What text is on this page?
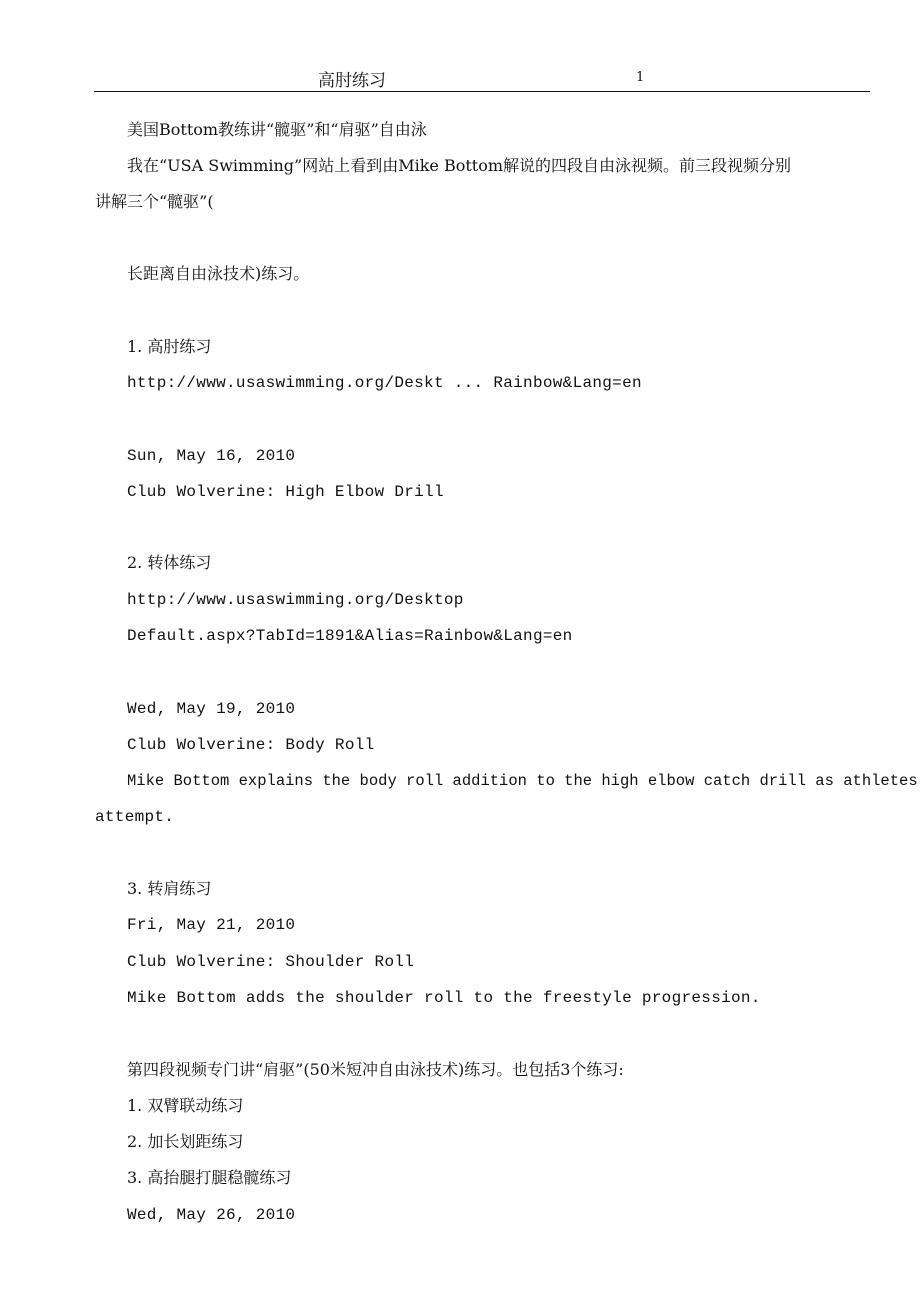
高肘练习	1
美国Bottom教练讲“髋驱”和“肩驱”自由泳
我在“USA Swimming”网站上看到由Mike Bottom解说的四段自由泳视频。前三段视频分别
讲解三个“髋驱”(
长距离自由泳技术)练习。
1. 高肘练习
http://www.usaswimming.org/Deskt ... Rainbow&Lang=en
Sun, May 16, 2010
Club Wolverine: High Elbow Drill
2. 转体练习
http://www.usaswimming.org/Desktop
Default.aspx?TabId=1891&Alias=Rainbow&Lang=en
Wed, May 19, 2010
Club Wolverine: Body Roll
Mike Bottom explains the body roll addition to the high elbow catch drill as athletes
attempt.
3. 转肩练习
Fri, May 21, 2010
Club Wolverine: Shoulder Roll
Mike Bottom adds the shoulder roll to the freestyle progression.
第四段视频专门讲“肩驱”(50米短冲自由泳技术)练习。也包括3个练习:
1. 双臂联动练习
2. 加长划距练习
3. 高抬腿打腿稳髋练习
Wed, May 26, 2010
